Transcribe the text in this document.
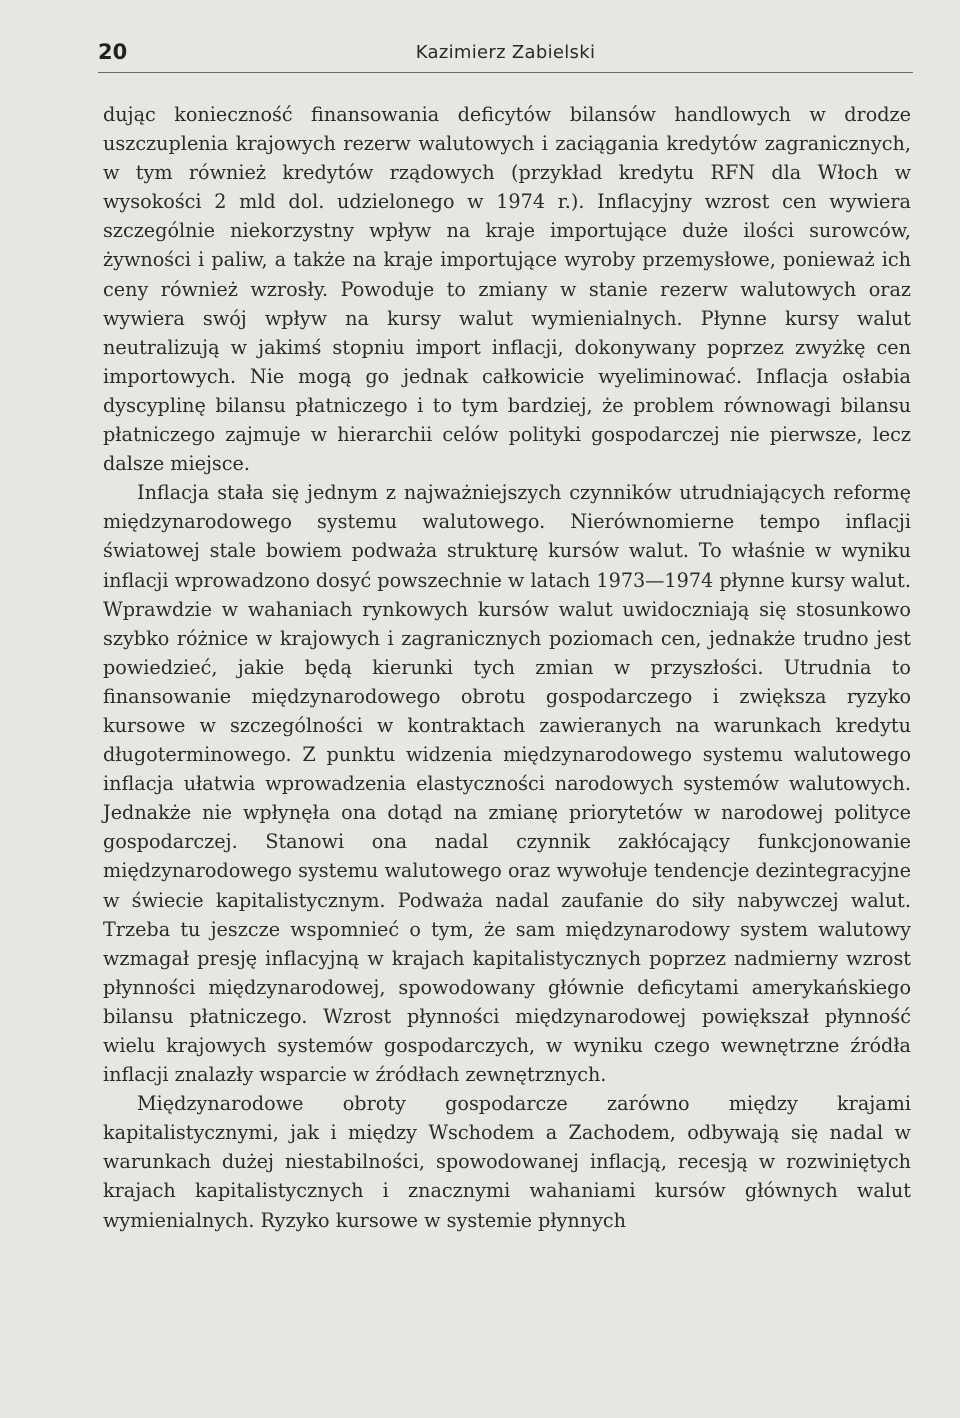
20	Kazimierz Zabielski

dując konieczność finansowania deficytów bilansów handlowych w drodze uszczuplenia krajowych rezerw walutowych i zaciągania kredytów zagranicznych, w tym również kredytów rządowych (przykład kredytu RFN dla Włoch w wysokości 2 mld dol. udzielonego w 1974 r.). Inflacyjny wzrost cen wywiera szczególnie niekorzystny wpływ na kraje importujące duże ilości surowców, żywności i paliw, a także na kraje importujące wyroby przemysłowe, ponieważ ich ceny również wzrosły. Powoduje to zmiany w stanie rezerw walutowych oraz wywiera swój wpływ na kursy walut wymienialnych. Płynne kursy walut neutralizują w jakimś stopniu import inflacji, dokonywany poprzez zwyżkę cen importowych. Nie mogą go jednak całkowicie wyeliminować. Inflacja osłabia dyscyplinę bilansu płatniczego i to tym bardziej, że problem równowagi bilansu płatniczego zajmuje w hierarchii celów polityki gospodarczej nie pierwsze, lecz dalsze miejsce.

Inflacja stała się jednym z najważniejszych czynników utrudniających reformę międzynarodowego systemu walutowego. Nierównomierne tempo inflacji światowej stale bowiem podważa strukturę kursów walut. To właśnie w wyniku inflacji wprowadzono dosyć powszechnie w latach 1973—1974 płynne kursy walut. Wprawdzie w wahaniach rynkowych kursów walut uwidoczniają się stosunkowo szybko różnice w krajowych i zagranicznych poziomach cen, jednakże trudno jest powiedzieć, jakie będą kierunki tych zmian w przyszłości. Utrudnia to finansowanie międzynarodowego obrotu gospodarczego i zwiększa ryzyko kursowe w szczególności w kontraktach zawieranych na warunkach kredytu długoterminowego. Z punktu widzenia międzynarodowego systemu walutowego inflacja ułatwia wprowadzenia elastyczności narodowych systemów walutowych. Jednakże nie wpłynęła ona dotąd na zmianę priorytetów w narodowej polityce gospodarczej. Stanowi ona nadal czynnik zakłócający funkcjonowanie międzynarodowego systemu walutowego oraz wywołuje tendencje dezintegracyjne w świecie kapitalistycznym. Podważa nadal zaufanie do siły nabywczej walut. Trzeba tu jeszcze wspomnieć o tym, że sam międzynarodowy system walutowy wzmagał presję inflacyjną w krajach kapitalistycznych poprzez nadmierny wzrost płynności międzynarodowej, spowodowany głównie deficytami amerykańskiego bilansu płatniczego. Wzrost płynności międzynarodowej powiększał płynność wielu krajowych systemów gospodarczych, w wyniku czego wewnętrzne źródła inflacji znalazły wsparcie w źródłach zewnętrznych.

Międzynarodowe obroty gospodarcze zarówno między krajami kapitalistycznymi, jak i między Wschodem a Zachodem, odbywają się nadal w warunkach dużej niestabilności, spowodowanej inflacją, recesją w rozwiniętych krajach kapitalistycznych i znacznymi wahaniami kursów głównych walut wymienialnych. Ryzyko kursowe w systemie płynnych
